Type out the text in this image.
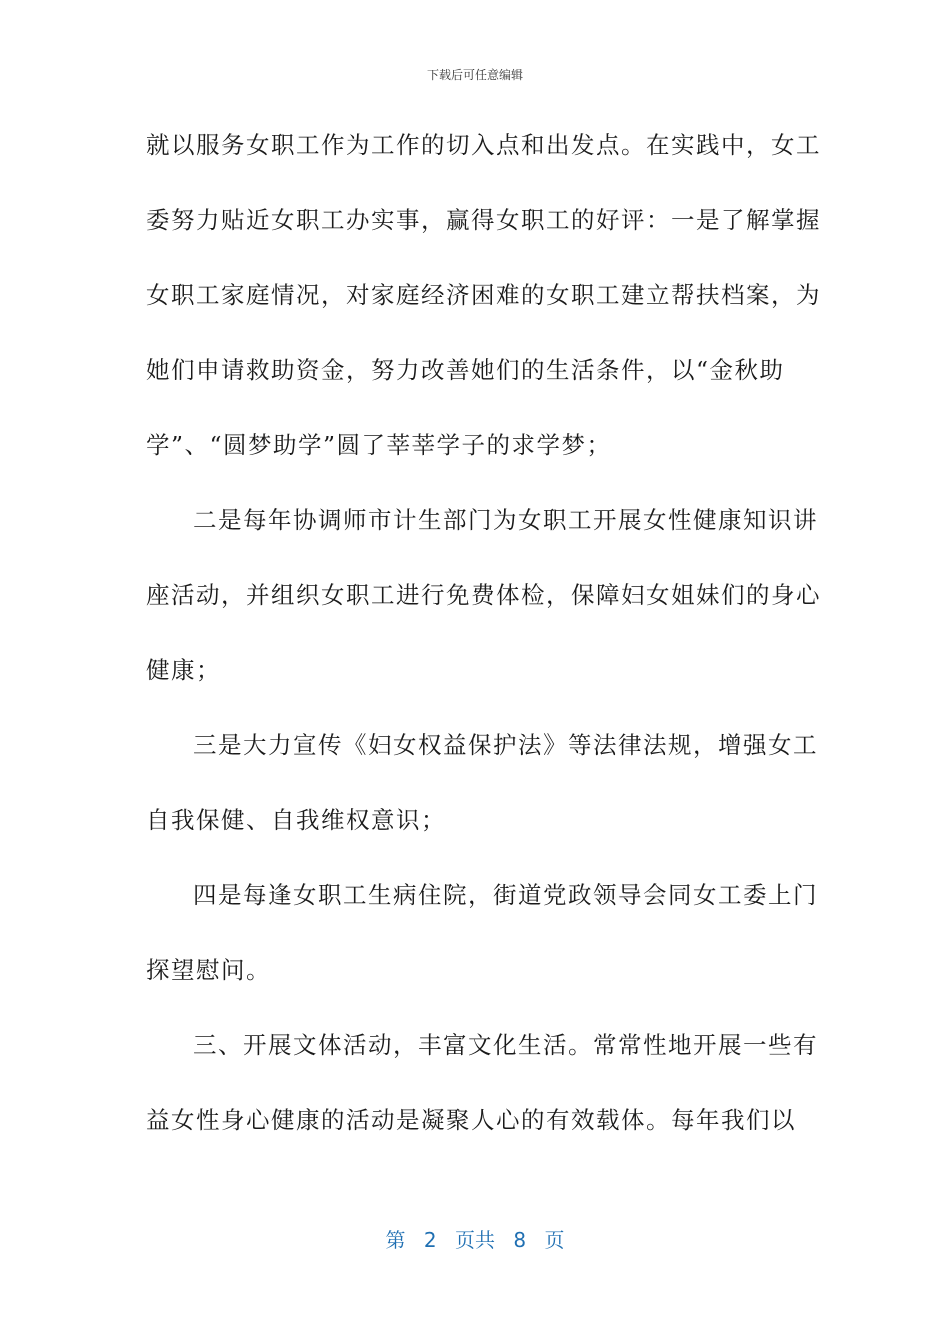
下载后可任意编辑
就以服务女职工作为工作的切入点和出发点。在实践中，女工
委努力贴近女职工办实事，赢得女职工的好评：一是了解掌握
女职工家庭情况，对家庭经济困难的女职工建立帮扶档案，为
她们申请救助资金，努力改善她们的生活条件，以“金秋助
学”、“圆梦助学”圆了莘莘学子的求学梦；
二是每年协调师市计生部门为女职工开展女性健康知识讲
座活动，并组织女职工进行免费体检，保障妇女姐妹们的身心
健康；
三是大力宣传《妇女权益保护法》等法律法规，增强女工
自我保健、自我维权意识；
四是每逢女职工生病住院，街道党政领导会同女工委上门
探望慰问。
三、开展文体活动，丰富文化生活。常常性地开展一些有
益女性身心健康的活动是凝聚人心的有效载体。每年我们以
第 2 页共 8 页
